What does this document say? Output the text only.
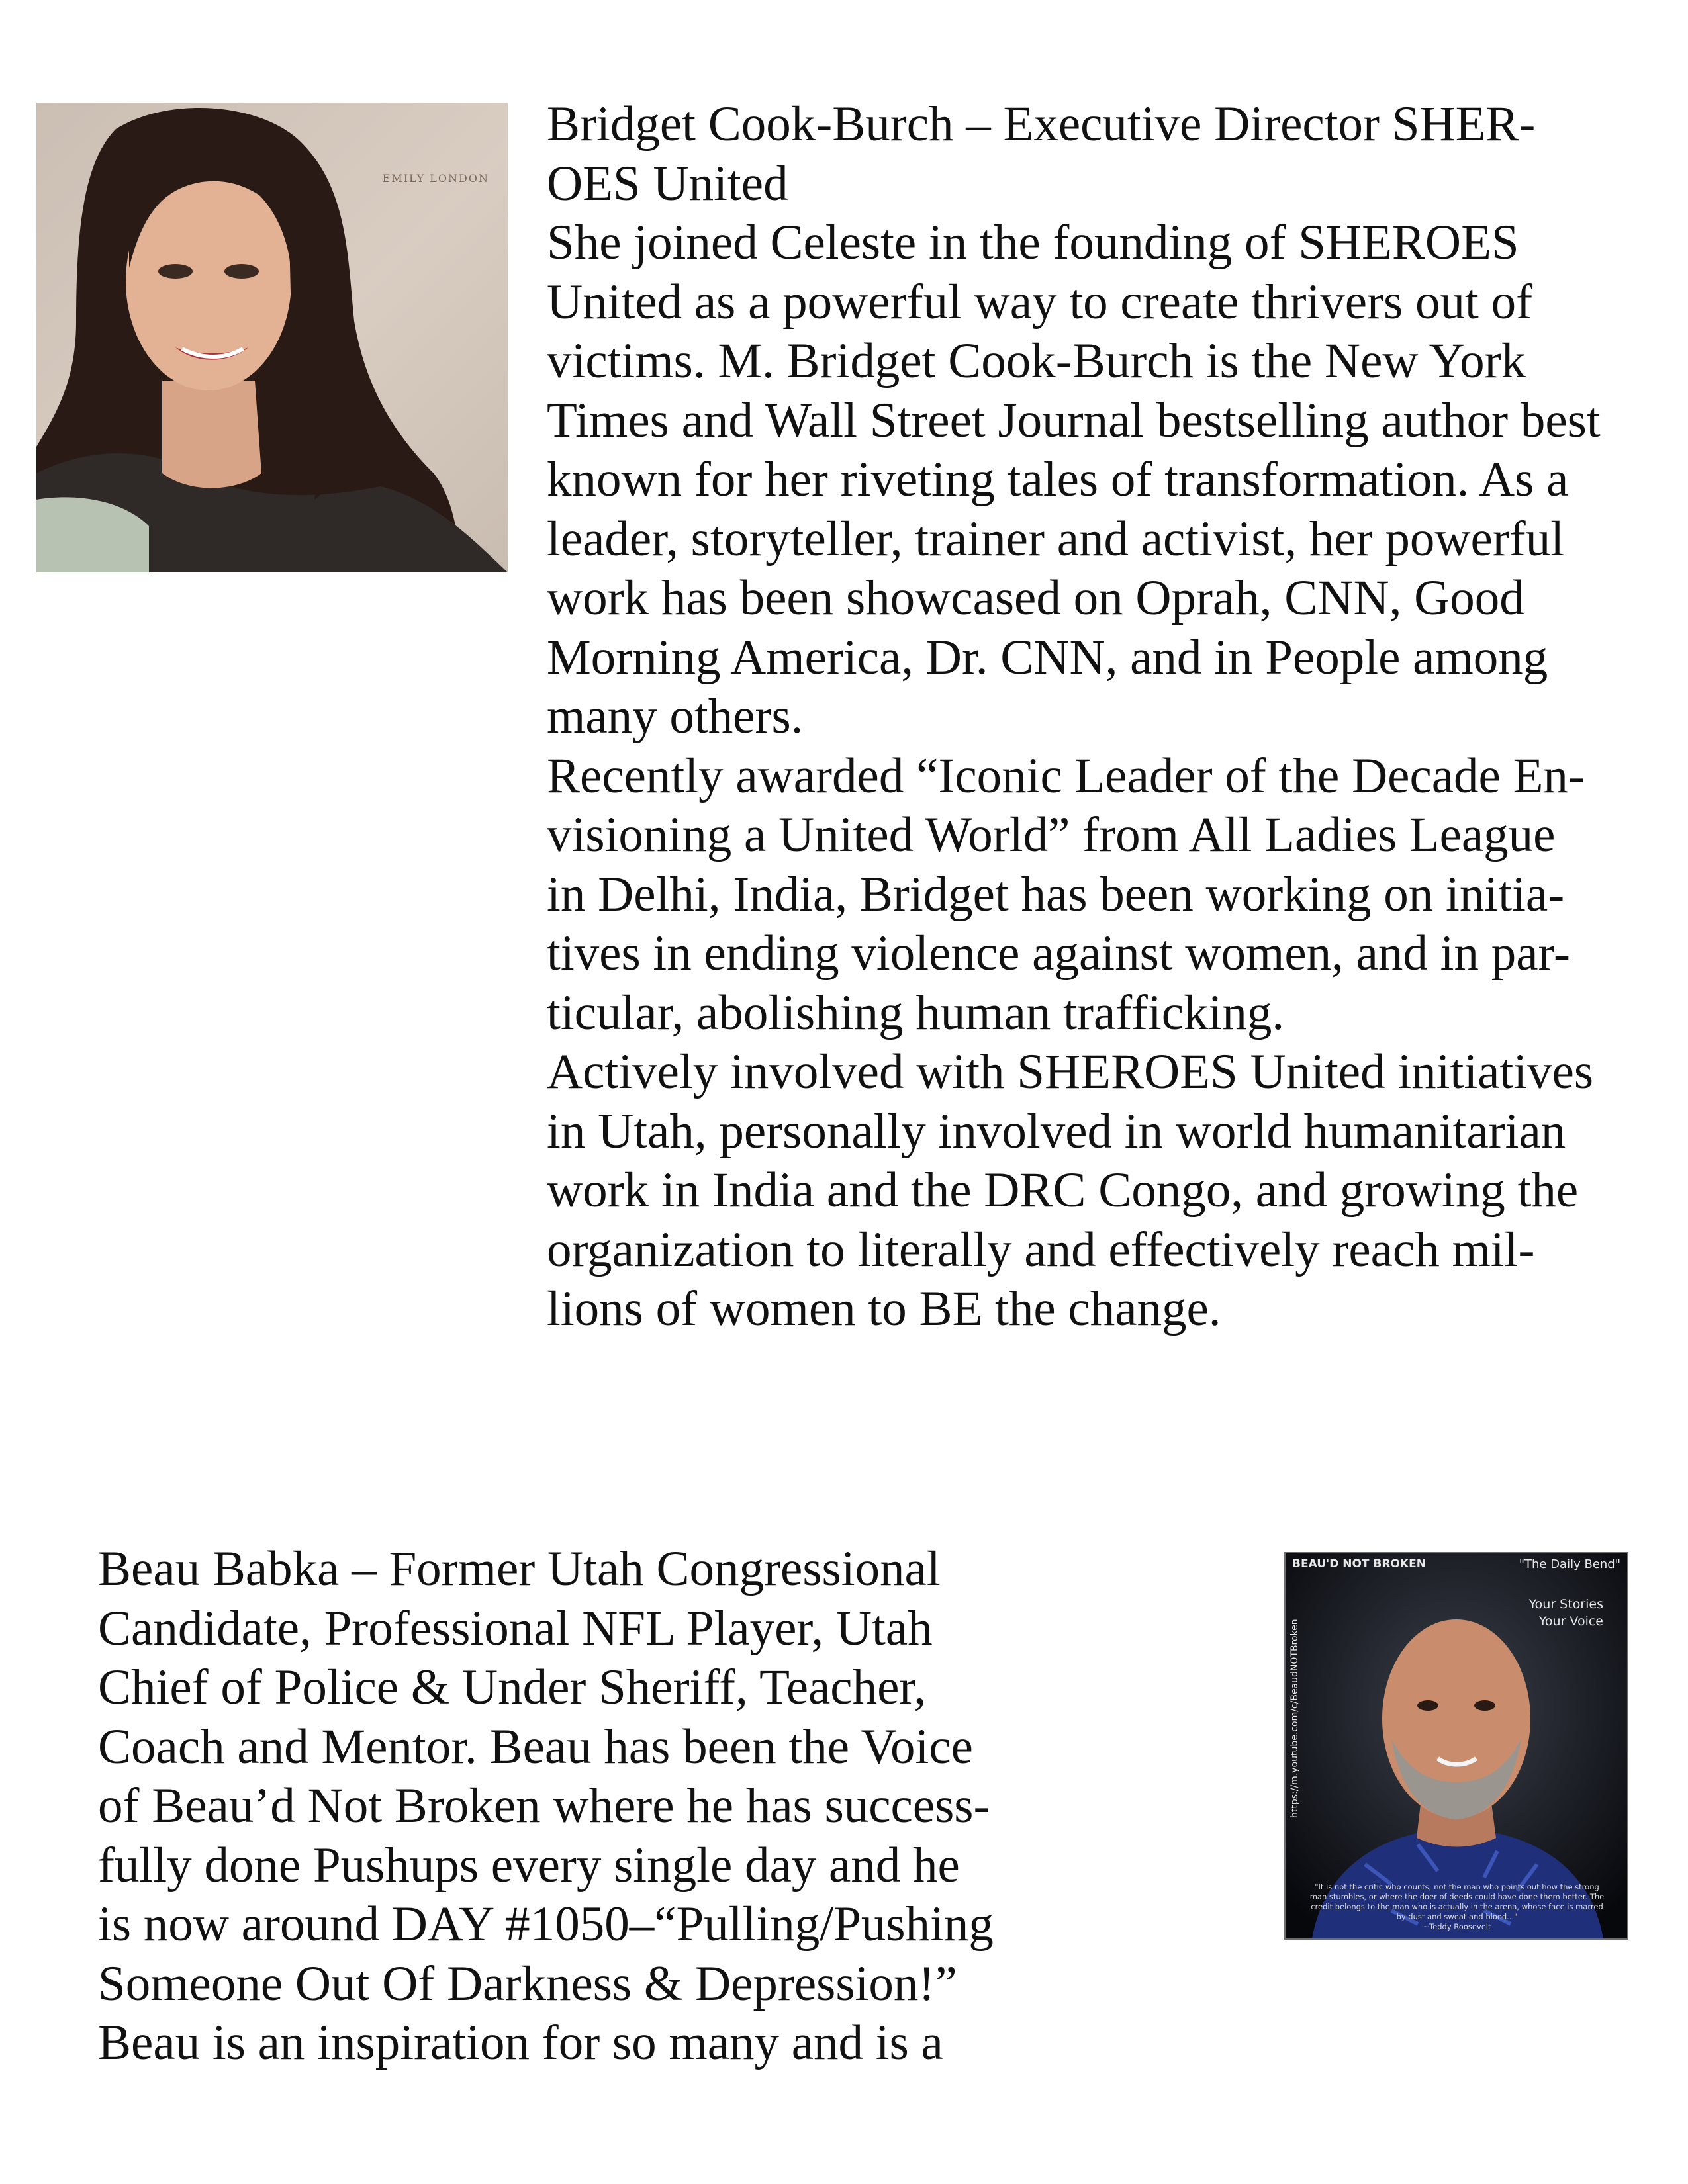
EMILY LONDON
Bridget Cook-Burch – Executive Director SHER-
OES United
She joined Celeste in the founding of SHEROES
United as a powerful way to create thrivers out of
victims. M. Bridget Cook-Burch is the New York
Times and Wall Street Journal bestselling author best
known for her riveting tales of transformation. As a
leader, storyteller, trainer and activist, her powerful
work has been showcased on Oprah, CNN, Good
Morning America, Dr. CNN, and in People among
many others.
Recently awarded “Iconic Leader of the Decade En-
visioning a United World” from All Ladies League
in Delhi, India, Bridget has been working on initia-
tives in ending violence against women, and in par-
ticular, abolishing human trafficking.
Actively involved with SHEROES United initiatives
in Utah, personally involved in world humanitarian
work in India and the DRC Congo, and growing the
organization to literally and effectively reach mil-
lions of women to BE the change.
Beau Babka – Former Utah Congressional
Candidate, Professional NFL Player, Utah
Chief of Police & Under Sheriff, Teacher,
Coach and Mentor. Beau has been the Voice
of Beau’d Not Broken where he has success-
fully done Pushups every single day and he
is now around DAY #1050–“Pulling/Pushing
Someone Out Of Darkness & Depression!”
Beau is an inspiration for so many and is a
BEAU'D NOT BROKEN	"The Daily Bend"
Your Stories
Your Voice
https://m.youtube.com/c/BeaudNOTBroken
"It is not the critic who counts; not the man who points out how the strong
man stumbles, or where the doer of deeds could have done them better. The
credit belongs to the man who is actually in the arena, whose face is marred
by dust and sweat and blood..."
~Teddy Roosevelt
